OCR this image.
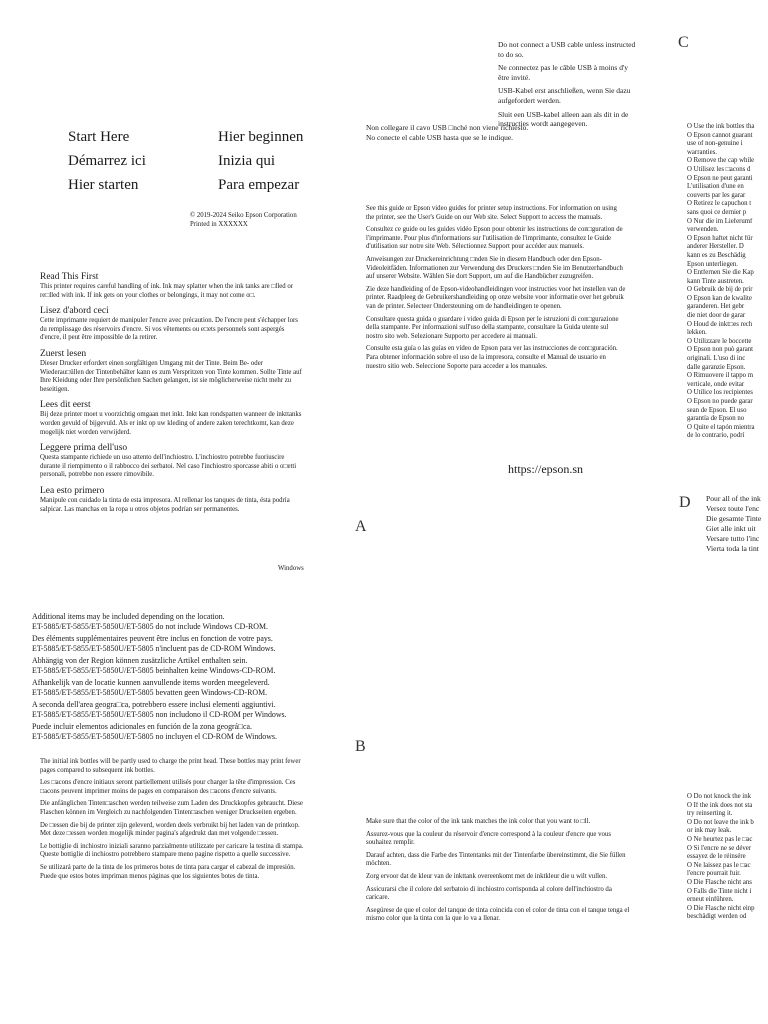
Do not connect a USB cable unless instructed to do so.
Ne connectez pas le câble USB à moins d'y être invité.
USB-Kabel erst anschließen, wenn Sie dazu aufgefordert werden.
Sluit een USB-kabel alleen aan als dit in de instructies wordt aangegeven.
Non collegare il cavo USB □nché non viene richiesto.
No conecte el cable USB hasta que se le indique.
C
Start Here
Démarrez ici
Hier starten
Hier beginnen
Inizia qui
Para empezar
© 2019-2024 Seiko Epson Corporation
Printed in XXXXXX
Read This First
This printer requires careful handling of ink. Ink may splatter when the ink tanks are □lled or re□lled with ink. If ink gets on your clothes or belongings, it may not come o□.
Lisez d'abord ceci
Cette imprimante requiert de manipuler l'encre avec précaution. De l'encre peut s'échapper lors du remplissage des réservoirs d'encre. Si vos vêtements ou e□ets personnels sont aspergés d'encre, il peut être impossible de la retirer.
Zuerst lesen
Dieser Drucker erfordert einen sorgfältigen Umgang mit der Tinte. Beim Be- oder Wiederau□üllen der Tintenbehälter kann es zum Verspritzen von Tinte kommen. Sollte Tinte auf Ihre Kleidung oder Ihre persönlichen Sachen gelangen, ist sie möglicherweise nicht mehr zu beseitigen.
Lees dit eerst
Bij deze printer moet u voorzichtig omgaan met inkt. Inkt kan rondspatten wanneer de inkttanks worden gevuld of bijgevuld. Als er inkt op uw kleding of andere zaken terechtkomt, kan deze mogelijk niet worden verwijderd.
Leggere prima dell'uso
Questa stampante richiede un uso attento dell'inchiostro. L'inchiostro potrebbe fuoriuscire durante il riempimento o il rabbocco dei serbatoi. Nel caso l'inchiostro sporcasse abiti o o□etti personali, potrebbe non essere rimovibile.
Lea esto primero
Manipule con cuidado la tinta de esta impresora. Al rellenar los tanques de tinta, ésta podría salpicar. Las manchas en la ropa u otros objetos podrían ser permanentes.
See this guide or Epson video guides for printer setup instructions. For information on using the printer, see the User's Guide on our Web site. Select Support to access the manuals.
Consultez ce guide ou les guides vidéo Epson pour obtenir les instructions de con□guration de l'imprimante. Pour plus d'informations sur l'utilisation de l'imprimante, consultez le Guide d'utilisation sur notre site Web. Sélectionnez Support pour accéder aux manuels.
Anweisungen zur Druckereinrichtung □nden Sie in diesem Handbuch oder den Epson-Videoleitfäden. Informationen zur Verwendung des Druckers □nden Sie im Benutzerhandbuch auf unserer Website. Wählen Sie dort Support, um auf die Handbücher zuzugreifen.
Zie deze handleiding of de Epson-videohandleidingen voor instructies voor het instellen van de printer. Raadpleeg de Gebruikershandleiding op onze website voor informatie over het gebruik van de printer. Selecteer Ondersteuning om de handleidingen te openen.
Consultare questa guida o guardare i video guida di Epson per le istruzioni di con□gurazione della stampante. Per informazioni sull'uso della stampante, consultare la Guida utente sul nostro sito web. Selezionare Supporto per accedere ai manuali.
Consulte esta guía o las guías en vídeo de Epson para ver las instrucciones de con□guración. Para obtener información sobre el uso de la impresora, consulte el Manual de usuario en nuestro sitio web. Seleccione Soporte para acceder a los manuales.
https://epson.sn
A
Windows
Additional items may be included depending on the location.
ET-5885/ET-5855/ET-5850U/ET-5805 do not include Windows CD-ROM.
Des éléments supplémentaires peuvent être inclus en fonction de votre pays.
ET-5885/ET-5855/ET-5850U/ET-5805 n'incluent pas de CD-ROM Windows.
Abhängig von der Region können zusätzliche Artikel enthalten sein.
ET-5885/ET-5855/ET-5850U/ET-5805 beinhalten keine Windows-CD-ROM.
Afhankelijk van de locatie kunnen aanvullende items worden meegeleverd.
ET-5885/ET-5855/ET-5850U/ET-5805 bevatten geen Windows-CD-ROM.
A seconda dell'area geogra□ca, potrebbero essere inclusi elementi aggiuntivi.
ET-5885/ET-5855/ET-5850U/ET-5805 non includono il CD-ROM per Windows.
Puede incluir elementos adicionales en función de la zona geográ□ca.
ET-5885/ET-5855/ET-5850U/ET-5805 no incluyen el CD-ROM de Windows.
The initial ink bottles will be partly used to charge the print head. These bottles may print fewer pages compared to subsequent ink bottles.
Les □acons d'encre initiaux seront partiellement utilisés pour charger la tête d'impression. Ces □acons peuvent imprimer moins de pages en comparaison des □acons d'encre suivants.
Die anfänglichen Tinten□aschen werden teilweise zum Laden des Druckkopfes gebraucht. Diese Flaschen können im Vergleich zu nachfolgenden Tinten□aschen weniger Druckseiten ergeben.
De □essen die bij de printer zijn geleverd, worden deels verbruikt bij het laden van de printkop. Met deze □essen worden mogelijk minder pagina's afgedrukt dan met volgende □essen.
Le bottiglie di inchiostro iniziali saranno parzialmente utilizzate per caricare la testina di stampa. Queste bottiglie di inchiostro potrebbero stampare meno pagine rispetto a quelle successive.
Se utilizará parte de la tinta de los primeros botes de tinta para cargar el cabezal de impresión. Puede que estos botes impriman menos páginas que los siguientes botes de tinta.
B
Make sure that the color of the ink tank matches the ink color that you want to □ll.
Assurez-vous que la couleur du réservoir d'encre correspond à la couleur d'encre que vous souhaitez remplir.
Darauf achten, dass die Farbe des Tintentanks mit der Tintenfarbe übereinstimmt, die Sie füllen möchten.
Zorg ervoor dat de kleur van de inkttank overeenkomt met de inktkleur die u wilt vullen.
Assicurarsi che il colore del serbatoio di inchiostro corrisponda al colore dell'inchiostro da caricare.
Asegúrese de que el color del tanque de tinta coincida con el color de tinta con el tanque tenga el mismo color que la tinta con la que lo va a llenar.
O Use the ink bottles tha
O Epson cannot guarant
use of non-genuine i
warranties.
O Remove the cap while
O Utilisez les □acons d
O Epson ne peut garanti
L'utilisation d'une en
couverts par les garar
O Retirez le capuchon t
sans quoi ce dernier p
O Nur die im Lieferumf
verwenden.
O Epson haftet nicht für
anderer Hersteller. D
kann es zu Beschädig
Epson unterliegen.
O Entfernen Sie die Kap
kann Tinte austreten.
O Gebruik de bij de prir
O Epson kan de kwalite
garanderen. Het gebr
die niet door de garar
O Houd de inkt□es rech
lekken.
O Utilizzare le boccette
O Epson non può garant
originali. L'uso di inc
dalle garanzie Epson.
O Rimuovere il tappo m
verticale, onde evitar
O Utilice los recipientes
O Epson no puede garar
sean de Epson. El uso
garantía de Epson no
O Quite el tapón mientra
de lo contrario, podrí
D Pour all of the ink
Versez toute l'enc
Die gesamte Tinte
Giet alle inkt uit
Versare tutto l'inc
Vierta toda la tint
O Do not knock the ink
O If the ink does not sta
try reinserting it.
O Do not leave the ink b
or ink may leak.
O Ne heurtez pas le □ac
O Si l'encre ne se déver
essayez de le réinsére
O Ne laissez pas le □ac
l'encre pourrait fuir.
O Die Flasche nicht ans
O Falls die Tinte nicht i
erneut einführen.
O Die Flasche nicht einp
beschädigt werden od
